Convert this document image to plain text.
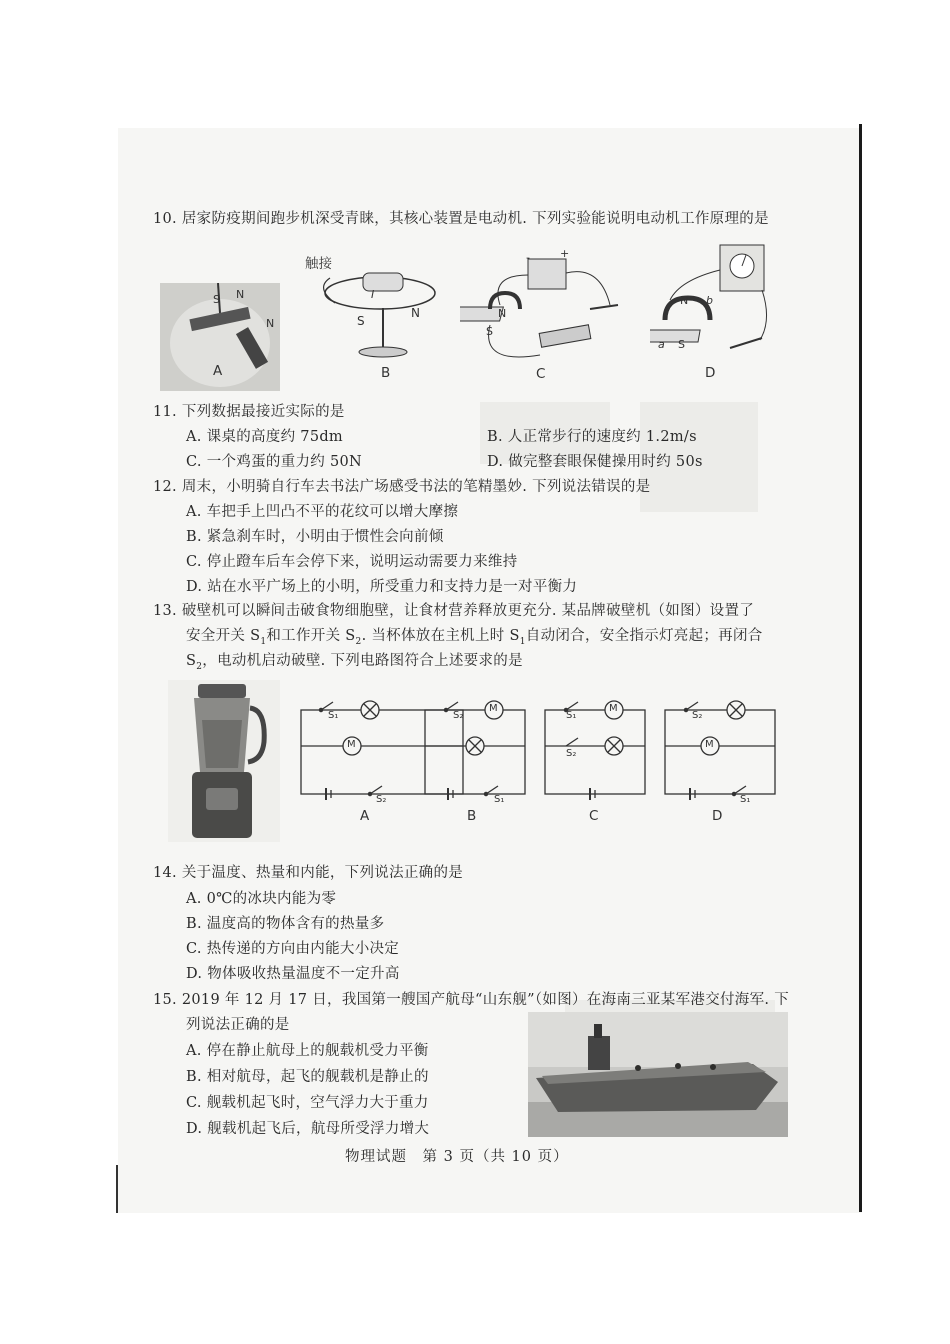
10. 居家防疫期间跑步机深受青睐，其核心装置是电动机. 下列实验能说明电动机工作原理的是
A
S N
N
触接
I
S
N
B
+
-
S
N
C
N
S
a
b
D
11. 下列数据最接近实际的是
A. 课桌的高度约 75dm	B. 人正常步行的速度约 1.2m/s
C. 一个鸡蛋的重力约 50N	D. 做完整套眼保健操用时约 50s
12. 周末，小明骑自行车去书法广场感受书法的笔精墨妙. 下列说法错误的是
A. 车把手上凹凸不平的花纹可以增大摩擦
B. 紧急刹车时，小明由于惯性会向前倾
C. 停止蹬车后车会停下来，说明运动需要力来维持
D. 站在水平广场上的小明，所受重力和支持力是一对平衡力
13. 破壁机可以瞬间击破食物细胞壁，让食材营养释放更充分. 某品牌破壁机（如图）设置了
安全开关 $S_1$和工作开关 $S_2$. 当杯体放在主机上时 $S_1$自动闭合，安全指示灯亮起；再闭合
$S_2$，电动机启动破壁. 下列电路图符合上述要求的是
S₁
M
S₂
A
S₂
M
S₁
B
S₁
M
S₂
C
S₂
M
S₁
D
14. 关于温度、热量和内能，下列说法正确的是
A. 0℃的冰块内能为零
B. 温度高的物体含有的热量多
C. 热传递的方向由内能大小决定
D. 物体吸收热量温度不一定升高
15. 2019 年 12 月 17 日，我国第一艘国产航母“山东舰”（如图）在海南三亚某军港交付海军. 下
列说法正确的是
A. 停在静止航母上的舰载机受力平衡
B. 相对航母，起飞的舰载机是静止的
C. 舰载机起飞时，空气浮力大于重力
D. 舰载机起飞后，航母所受浮力增大
物理试题　第 3 页（共 10 页）
